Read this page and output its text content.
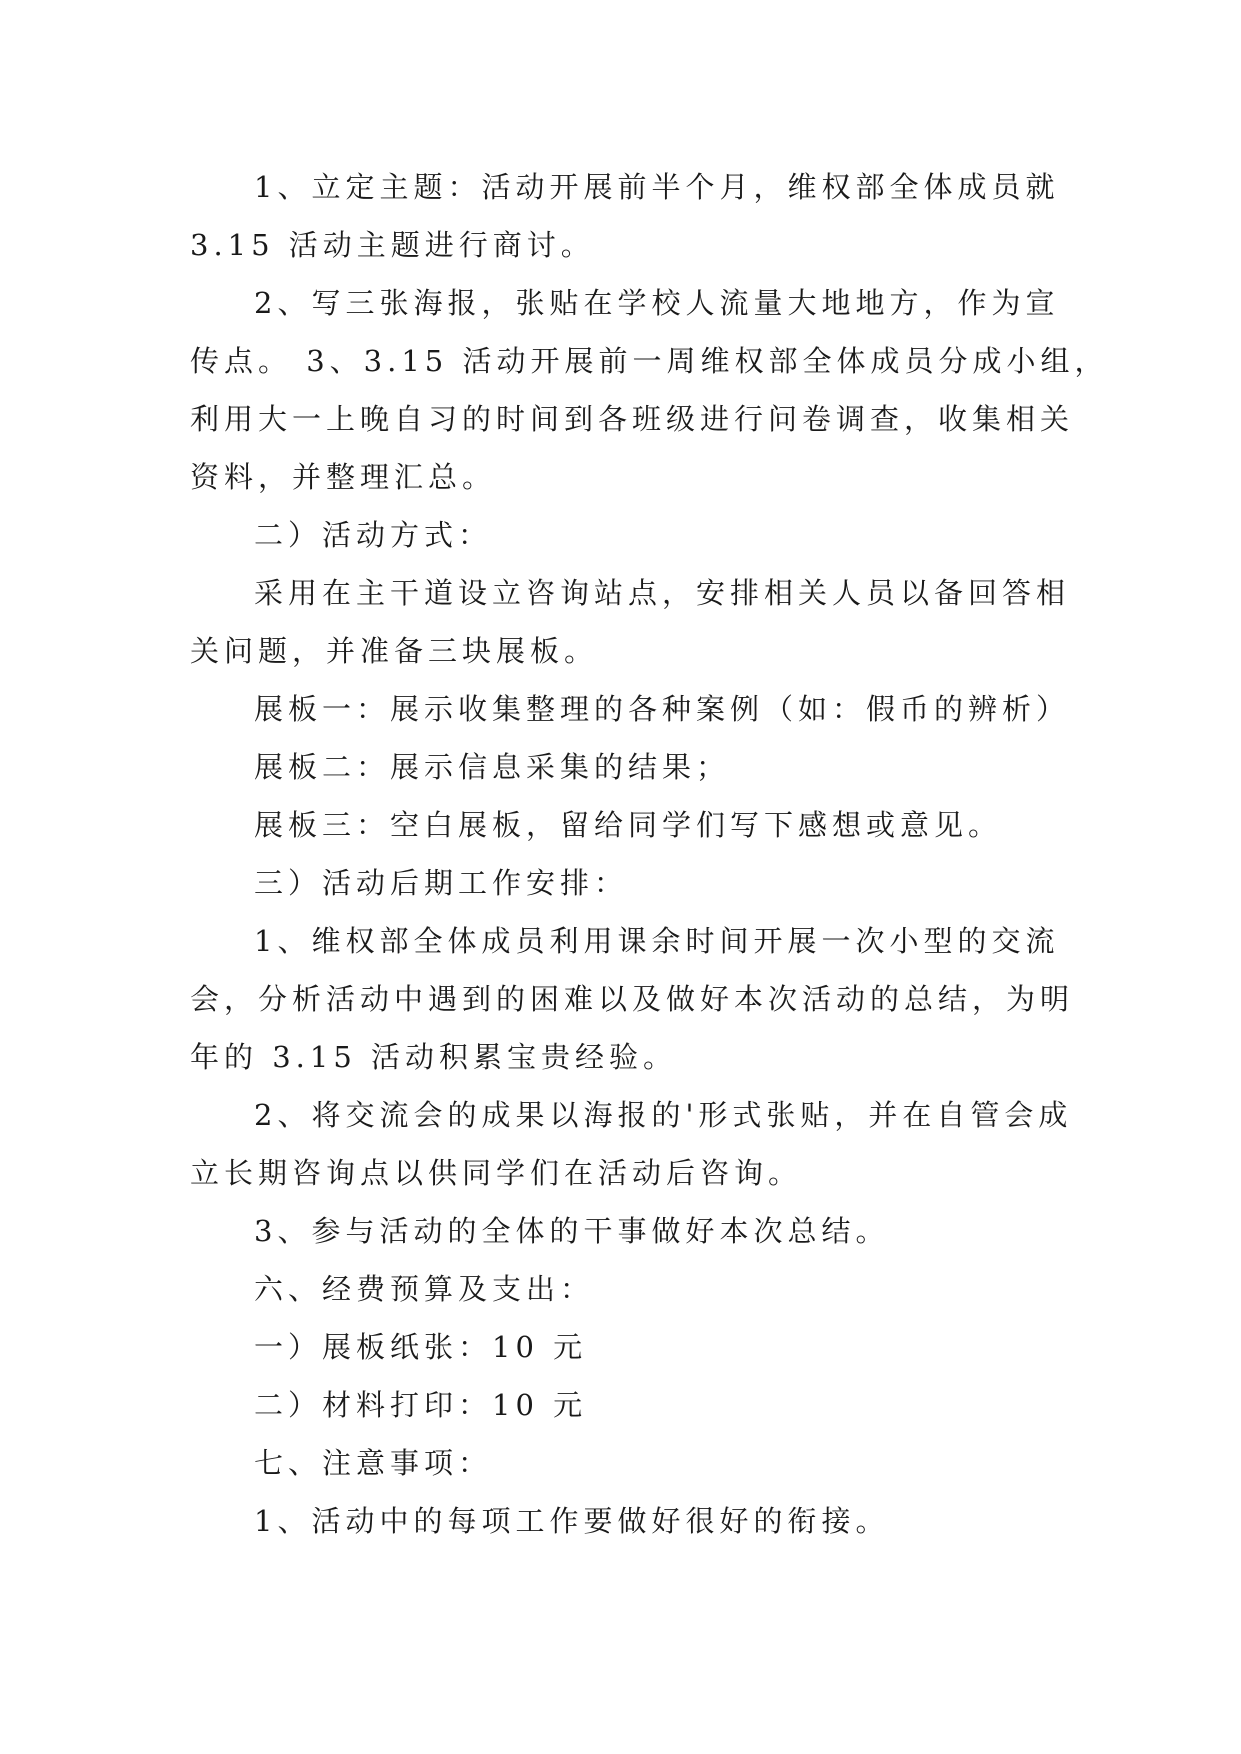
1、立定主题：活动开展前半个月，维权部全体成员就

3.15 活动主题进行商讨。

2、写三张海报，张贴在学校人流量大地地方，作为宣

传点。 3、3.15 活动开展前一周维权部全体成员分成小组，

利用大一上晚自习的时间到各班级进行问卷调查，收集相关

资料，并整理汇总。

二）活动方式：

采用在主干道设立咨询站点，安排相关人员以备回答相

关问题，并准备三块展板。

展板一：展示收集整理的各种案例（如：假币的辨析）

展板二：展示信息采集的结果；

展板三：空白展板，留给同学们写下感想或意见。

三）活动后期工作安排：

1、维权部全体成员利用课余时间开展一次小型的交流

会，分析活动中遇到的困难以及做好本次活动的总结，为明

年的 3.15 活动积累宝贵经验。

2、将交流会的成果以海报的'形式张贴，并在自管会成

立长期咨询点以供同学们在活动后咨询。

3、参与活动的全体的干事做好本次总结。

六、经费预算及支出：

一）展板纸张：10 元

二）材料打印：10 元

七、注意事项：

1、活动中的每项工作要做好很好的衔接。
